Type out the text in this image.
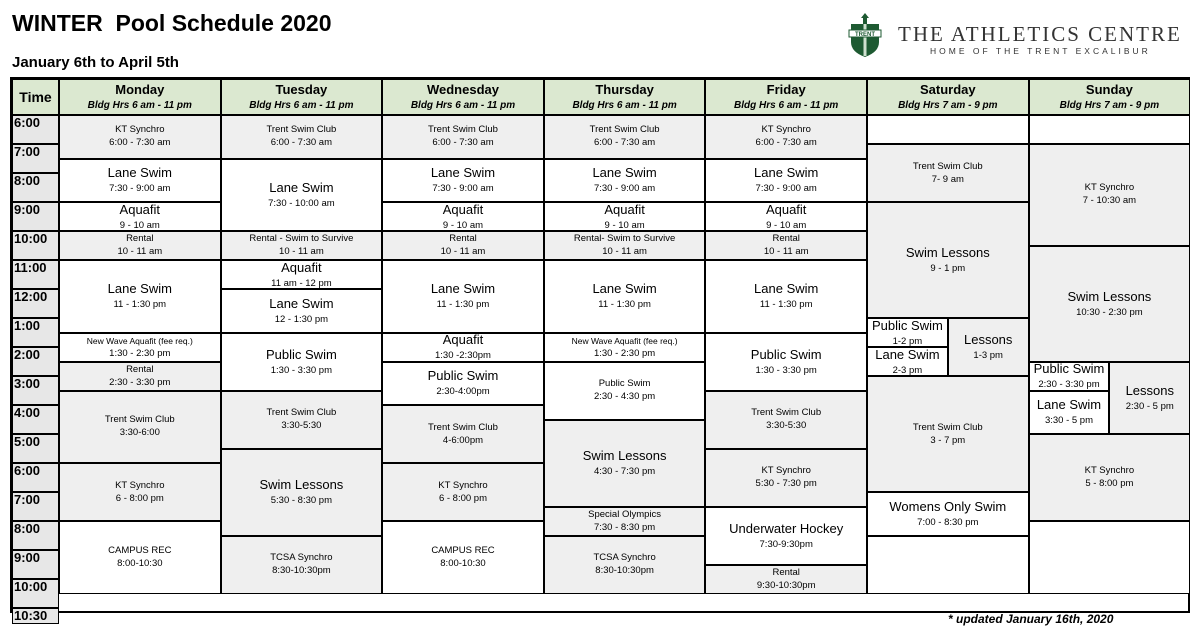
WINTER  Pool Schedule 2020
January 6th to April 5th
TRENT THE ATHLETICS CENTRE
HOME OF THE TRENT EXCALIBUR
Time	Monday
Bldg Hrs 6 am - 11 pm
Tuesday
Bldg Hrs 6 am - 11 pm
Wednesday
Bldg Hrs 6 am - 11 pm
Thursday
Bldg Hrs 6 am - 11 pm
Friday
Bldg Hrs 6 am - 11 pm
Saturday
Bldg Hrs 7 am - 9 pm
Sunday
Bldg Hrs 7 am - 9 pm
6:00
7:00
8:00
9:00
10:00
11:00
12:00
1:00
2:00
3:00
4:00
5:00
6:00
7:00
8:00
9:00
10:00
10:30
KT Synchro
6:00 - 7:30 am
Lane Swim
7:30 - 9:00 am
Aquafit
9 - 10 am
Rental
10 - 11 am
Lane Swim
11 - 1:30 pm
New Wave Aquafit (fee req.)
1:30 - 2:30 pm
Rental
2:30 - 3:30 pm
Trent Swim Club
3:30-6:00
KT Synchro
6 - 8:00 pm
CAMPUS REC
8:00-10:30
Trent Swim Club
6:00 - 7:30 am
Lane Swim
7:30 - 10:00 am
Rental - Swim to Survive
10 - 11 am
Aquafit
11 am - 12 pm
Lane Swim
12 - 1:30 pm
Public Swim
1:30 - 3:30 pm
Trent Swim Club
3:30-5:30
Swim Lessons
5:30 - 8:30 pm
TCSA Synchro
8:30-10:30pm
Trent Swim Club
6:00 - 7:30 am
Lane Swim
7:30 - 9:00 am
Aquafit
9 - 10 am
Rental
10 - 11 am
Lane Swim
11 - 1:30 pm
Aquafit
1:30 -2:30pm
Public Swim
2:30-4:00pm
Trent Swim Club
4-6:00pm
KT Synchro
6 - 8:00 pm
CAMPUS REC
8:00-10:30
Trent Swim Club
6:00 - 7:30 am
Lane Swim
7:30 - 9:00 am
Aquafit
9 - 10 am
Rental- Swim to Survive
10 - 11 am
Lane Swim
11 - 1:30 pm
New Wave Aquafit (fee req.)
1:30 - 2:30 pm
Public Swim
2:30 - 4:30 pm
Swim Lessons
4:30 - 7:30 pm
Special Olympics
7:30 - 8:30 pm
TCSA Synchro
8:30-10:30pm
KT Synchro
6:00 - 7:30 am
Lane Swim
7:30 - 9:00 am
Aquafit
9 - 10 am
Rental
10 - 11 am
Lane Swim
11 - 1:30 pm
Public Swim
1:30 - 3:30 pm
Trent Swim Club
3:30-5:30
KT Synchro
5:30 - 7:30 pm
Underwater Hockey
7:30-9:30pm
Rental
9:30-10:30pm
Trent Swim Club
7- 9 am
Swim Lessons
9 - 1 pm
Public Swim
1-2 pm
Lane Swim
2-3 pm
Lessons
1-3 pm
Trent Swim Club
3 - 7 pm
Womens Only Swim
7:00 - 8:30 pm
KT Synchro
7 - 10:30 am
Swim Lessons
10:30 - 2:30 pm
Public Swim
2:30 - 3:30 pm
Lane Swim
3:30 - 5 pm
Lessons
2:30 - 5 pm
KT Synchro
5 - 8:00 pm
* updated January 16th, 2020
